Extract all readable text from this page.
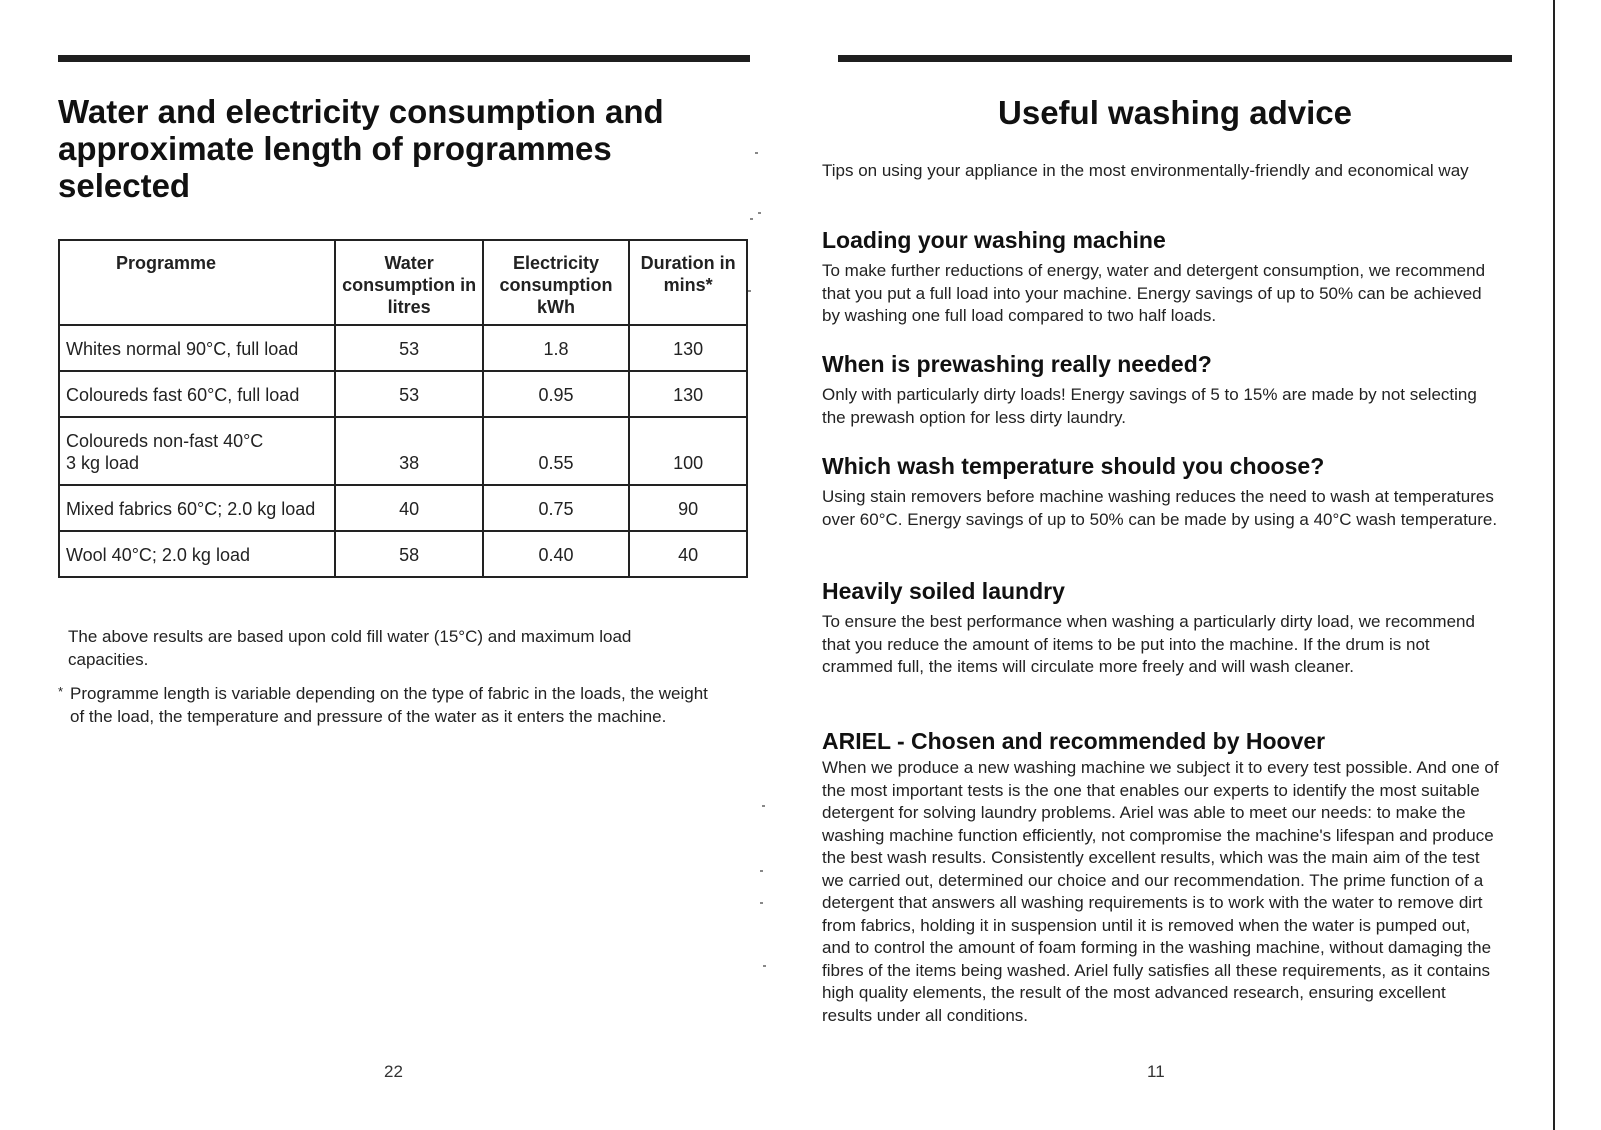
Water and electricity consumption and approximate length of programmes selected
Programme	Water consumption in litres	Electricity consumption kWh	Duration in mins*
Whites normal 90°C, full load	53	1.8	130
Coloureds fast 60°C, full load	53	0.95	130
Coloureds non-fast 40°C
3 kg load	38	0.55	100
Mixed fabrics 60°C; 2.0 kg load	40	0.75	90
Wool 40°C; 2.0 kg load	58	0.40	40

The above results are based upon cold fill water (15°C) and maximum load capacities.

* Programme length is variable depending on the type of fabric in the loads, the weight of the load, the temperature and pressure of the water as it enters the machine.

22
Useful washing advice

Tips on using your appliance in the most environmentally-friendly and economical way

Loading your washing machine

To make further reductions of energy, water and detergent consumption, we recommend that you put a full load into your machine. Energy savings of up to 50% can be achieved by washing one full load compared to two half loads.

When is prewashing really needed?

Only with particularly dirty loads! Energy savings of 5 to 15% are made by not selecting the prewash option for less dirty laundry.

Which wash temperature should you choose?

Using stain removers before machine washing reduces the need to wash at temperatures over 60°C. Energy savings of up to 50% can be made by using a 40°C wash temperature.

Heavily soiled laundry

To ensure the best performance when washing a particularly dirty load, we recommend that you reduce the amount of items to be put into the machine. If the drum is not crammed full, the items will circulate more freely and will wash cleaner.

ARIEL - Chosen and recommended by Hoover

When we produce a new washing machine we subject it to every test possible. And one of the most important tests is the one that enables our experts to identify the most suitable detergent for solving laundry problems. Ariel was able to meet our needs: to make the washing machine function efficiently, not compromise the machine's lifespan and produce the best wash results. Consistently excellent results, which was the main aim of the test we carried out, determined our choice and our recommendation. The prime function of a detergent that answers all washing requirements is to work with the water to remove dirt from fabrics, holding it in suspension until it is removed when the water is pumped out, and to control the amount of foam forming in the washing machine, without damaging the fibres of the items being washed. Ariel fully satisfies all these requirements, as it contains high quality elements, the result of the most advanced research, ensuring excellent results under all conditions.

11
